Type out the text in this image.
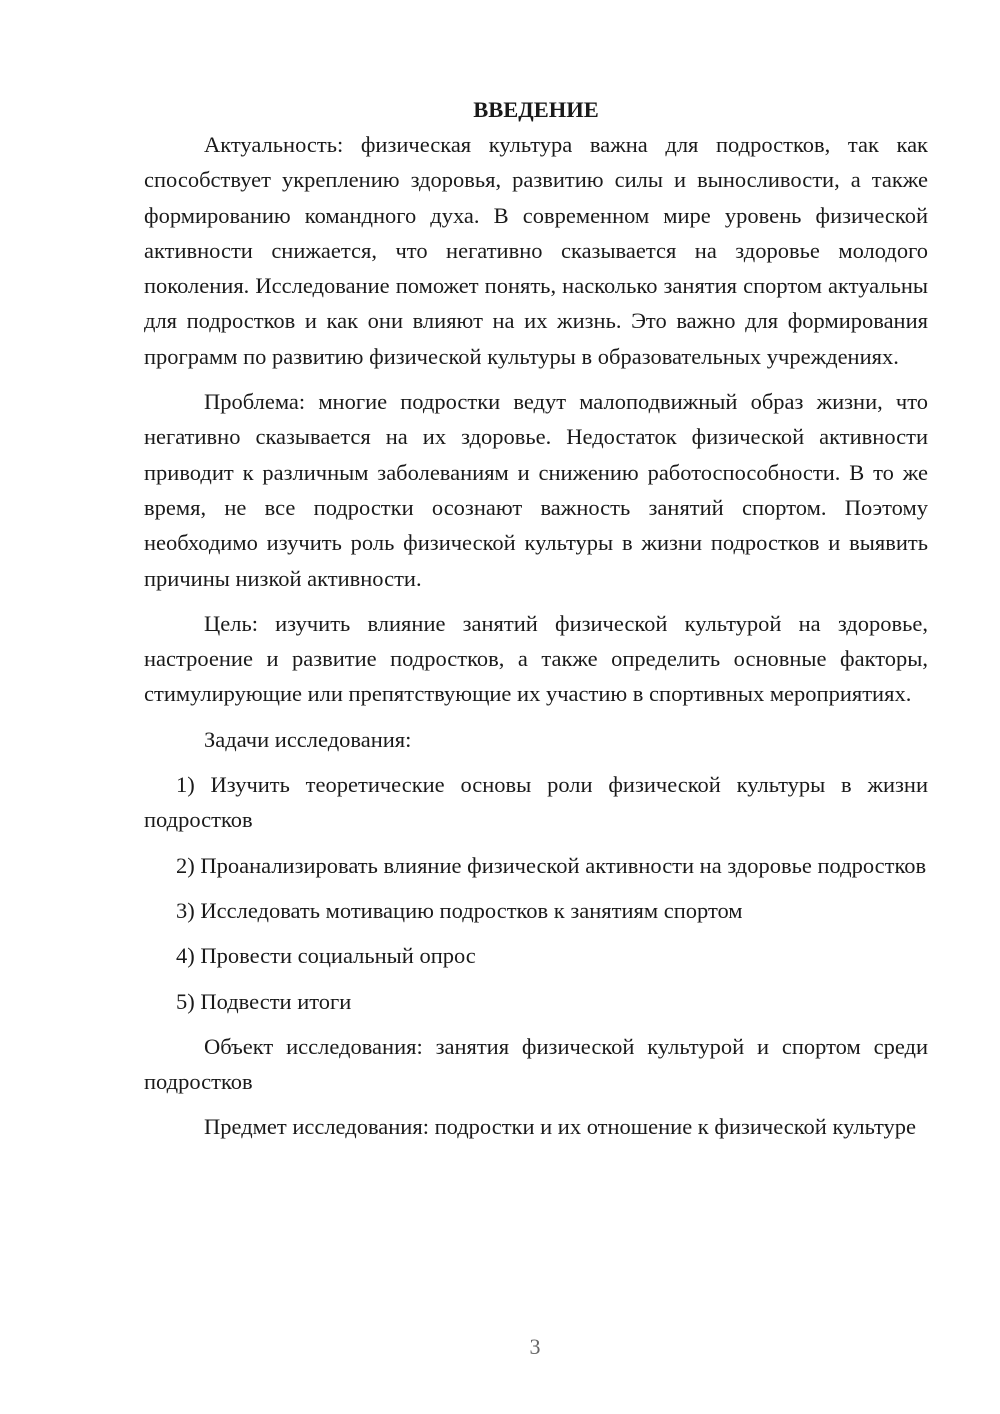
ВВЕДЕНИЕ

Актуальность: физическая культура важна для подростков, так как способствует укреплению здоровья, развитию силы и выносливости, а также формированию командного духа. В современном мире уровень физической активности снижается, что негативно сказывается на здоровье молодого поколения. Исследование поможет понять, насколько занятия спортом актуальны для подростков и как они влияют на их жизнь. Это важно для формирования программ по развитию физической культуры в образовательных учреждениях.

Проблема: многие подростки ведут малоподвижный образ жизни, что негативно сказывается на их здоровье. Недостаток физической активности приводит к различным заболеваниям и снижению работоспособности. В то же время, не все подростки осознают важность занятий спортом. Поэтому необходимо изучить роль физической культуры в жизни подростков и выявить причины низкой активности.

Цель: изучить влияние занятий физической культурой на здоровье, настроение и развитие подростков, а также определить основные факторы, стимулирующие или препятствующие их участию в спортивных мероприятиях.

Задачи исследования:

1) Изучить теоретические основы роли физической культуры в жизни подростков

2) Проанализировать влияние физической активности на здоровье подростков

3) Исследовать мотивацию подростков к занятиям спортом

4) Провести социальный опрос

5) Подвести итоги

Объект исследования: занятия физической культурой и спортом среди подростков

Предмет исследования: подростки и их отношение к физической культуре

3
